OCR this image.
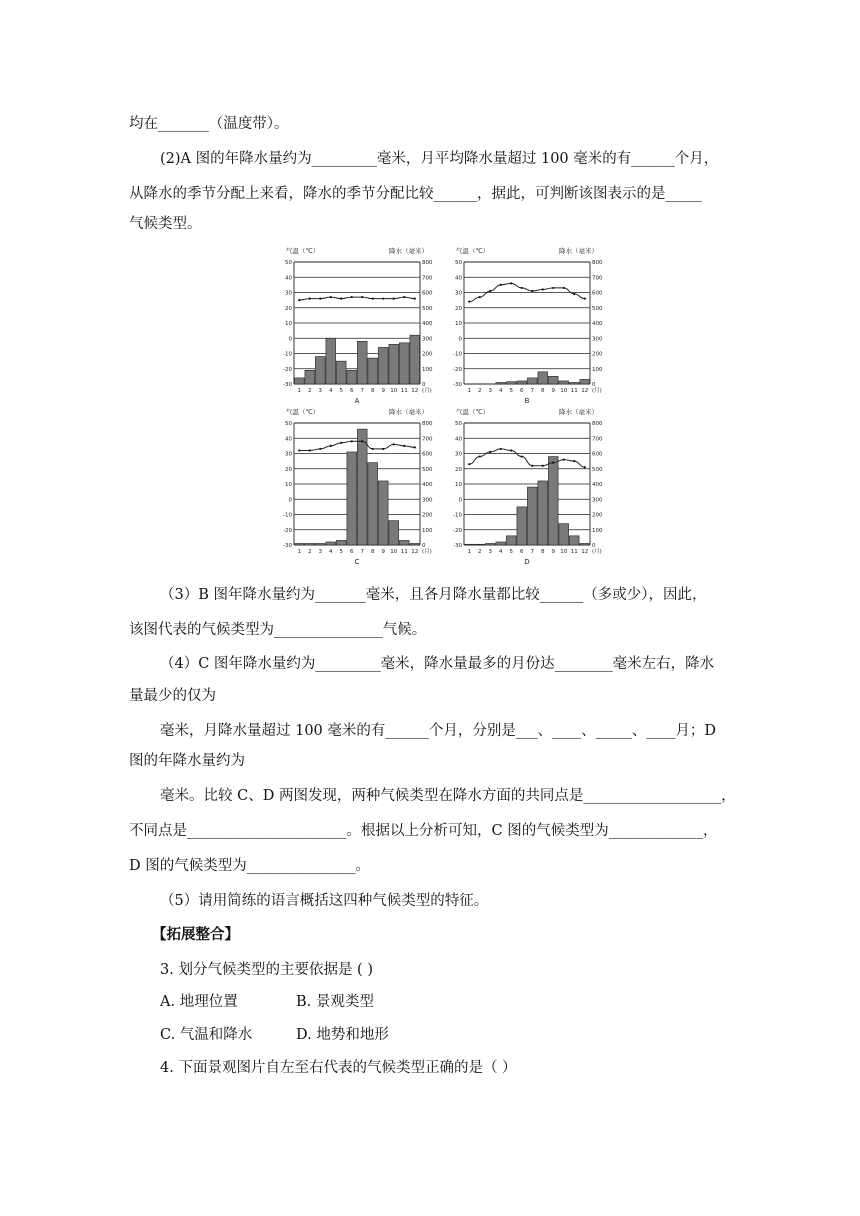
均在_______（温度带）。
(2)A 图的年降水量约为_________毫米，月平均降水量超过 100 毫米的有______个月，
从降水的季节分配上来看，降水的季节分配比较______，据此，可判断该图表示的是_____
气候类型。
气温（℃）	降水（毫米）
50	800
40	700
30	600
20	500
10	400
0	300
-10	200
-20	100
-30	0
1 2 3 4 5 6 7 8 9 10 11 12 (月)
A
气温（℃）	降水（毫米）
50	800
40	700
30	600
20	500
10	400
0	300
-10	200
-20	100
-30	0
1 2 3 4 5 6 7 8 9 10 11 12 (月)
B
气温（℃）	降水（毫米）
50	800
40	700
30	600
20	500
10	400
0	300
-10	200
-20	100
-30	0
1 2 3 4 5 6 7 8 9 10 11 12 (月)
C
气温（℃）	降水（毫米）
50	800
40	700
30	600
20	500
10	400
0	300
-10	200
-20	100
-30	0
1 2 3 4 5 6 7 8 9 10 11 12 (月)
D
（3）B 图年降水量约为_______毫米，且各月降水量都比较______（多或少），因此，
该图代表的气候类型为_______________气候。
（4）C 图年降水量约为_________毫米，降水量最多的月份达________毫米左右，降水
量最少的仅为
毫米，月降水量超过 100 毫米的有______个月，分别是___、____、_____、____月；D
图的年降水量约为
毫米。比较 C、D 两图发现，两种气候类型在降水方面的共同点是___________________，
不同点是______________________。根据以上分析可知，C 图的气候类型为_____________，
D 图的气候类型为_______________。
（5）请用简练的语言概括这四种气候类型的特征。
【拓展整合】
3. 划分气候类型的主要依据是 ( )
A. 地理位置	B. 景观类型
C. 气温和降水	D. 地势和地形
4. 下面景观图片自左至右代表的气候类型正确的是（ ）
